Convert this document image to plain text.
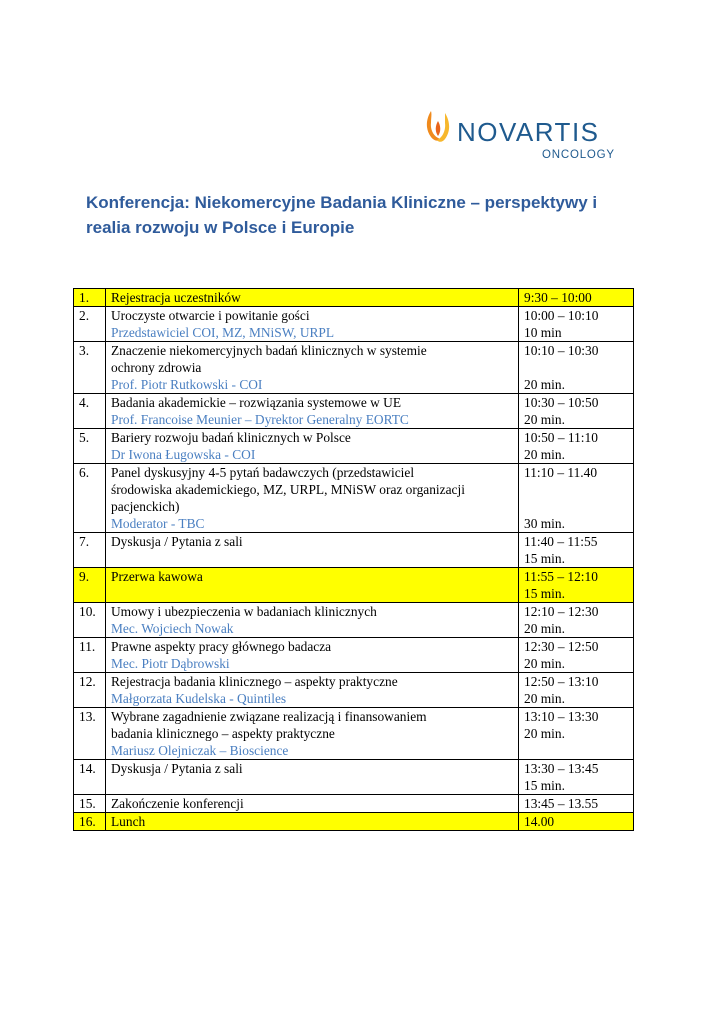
NOVARTIS
ONCOLOGY
Konferencja: Niekomercyjne Badania Kliniczne – perspektywy i realia rozwoju w Polsce i Europie
1.	Rejestracja uczestników	9:30 – 10:00

2.	Uroczyste otwarcie i powitanie gości
Przedstawiciel COI, MZ, MNiSW, URPL	10:00 – 10:10
10 min

3.	Znaczenie niekomercyjnych badań klinicznych w systemie
ochrony zdrowia
Prof. Piotr Rutkowski - COI	10:10 – 10:30
20 min.

4.	Badania akademickie – rozwiązania systemowe w UE
Prof. Francoise Meunier – Dyrektor Generalny EORTC	10:30 – 10:50
20 min.

5.	Bariery rozwoju badań klinicznych w Polsce
Dr Iwona Ługowska - COI	10:50 – 11:10
20 min.

6.	Panel dyskusyjny 4-5 pytań badawczych (przedstawiciel
środowiska akademickiego, MZ, URPL, MNiSW oraz organizacji
pacjenckich)
Moderator - TBC	11:10 – 11.40
30 min.

7.	Dyskusja / Pytania z sali	11:40 – 11:55
15 min.

9.	Przerwa kawowa	11:55 – 12:10
15 min.

10.	Umowy i ubezpieczenia w badaniach klinicznych
Mec. Wojciech Nowak	12:10 – 12:30
20 min.

11.	Prawne aspekty pracy głównego badacza
Mec. Piotr Dąbrowski	12:30 – 12:50
20 min.

12.	Rejestracja badania klinicznego – aspekty praktyczne
Małgorzata Kudelska - Quintiles	12:50 – 13:10
20 min.

13.	Wybrane zagadnienie związane realizacją i finansowaniem
badania klinicznego – aspekty praktyczne
Mariusz Olejniczak – Bioscience	13:10 – 13:30
20 min.

14.	Dyskusja / Pytania z sali	13:30 – 13:45
15 min.

15.	Zakończenie konferencji	13:45 – 13.55

16.	Lunch	14.00
